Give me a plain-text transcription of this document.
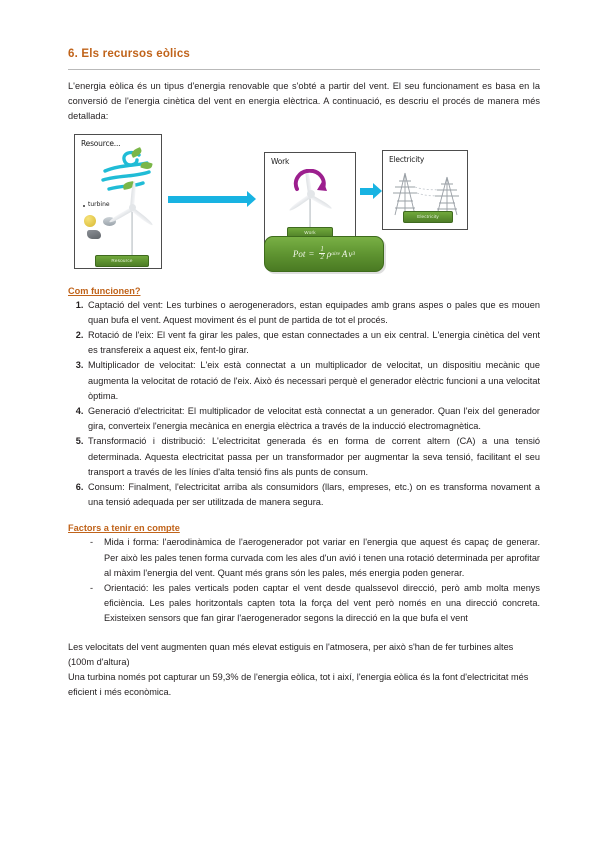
6. Els recursos eòlics

L'energia eòlica és un tipus d'energia renovable que s'obté a partir del vent. El seu funcionament es basa en la conversió de l'energia cinètica del vent en energia elèctrica. A continuació, es descriu el procés de manera més detallada:

Resource...
turbine
Resource
Work
Work
Electricity
Electricity
Pot = $\frac{1}{2}$ ρ aire A v 3
Com funcionen?
1. Captació del vent: Les turbines o aerogeneradors, estan equipades amb grans aspes o pales que es mouen quan bufa el vent. Aquest moviment és el punt de partida de tot el procés.
2. Rotació de l'eix: El vent fa girar les pales, que estan connectades a un eix central. L'energia cinètica del vent es transfereix a aquest eix, fent-lo girar.
3. Multiplicador de velocitat: L'eix està connectat a un multiplicador de velocitat, un dispositiu mecànic que augmenta la velocitat de rotació de l'eix. Això és necessari perquè el generador elèctric funcioni a una velocitat òptima.
4. Generació d'electricitat: El multiplicador de velocitat està connectat a un generador. Quan l'eix del generador gira, converteix l'energia mecànica en energia elèctrica a través de la inducció electromagnètica.
5. Transformació i distribució: L'electricitat generada és en forma de corrent altern (CA) a una tensió determinada. Aquesta electricitat passa per un transformador per augmentar la seva tensió, facilitant el seu transport a través de les línies d'alta tensió fins als punts de consum.
6. Consum: Finalment, l'electricitat arriba als consumidors (llars, empreses, etc.) on es transforma novament a una tensió adequada per ser utilitzada de manera segura.
Factors a tenir en compte
- Mida i forma: l'aerodinàmica de l'aerogenerador pot variar en l'energia que aquest és capaç de generar. Per això les pales tenen forma curvada com les ales d'un avió i tenen una rotació determinada per aprofitar al màxim l'energia del vent. Quant més grans són les pales, més energia poden generar.
- Orientació: les pales verticals poden captar el vent desde qualssevol direcció, però amb molta menys eficiència. Les pales horitzontals capten tota la força del vent però només en una direcció concreta. Existeixen sensors que fan girar l'aerogenerador segons la direcció en la que bufa el vent

Les velocitats del vent augmenten quan més elevat estiguis en l'atmosera, per això s'han de fer turbines altes (100m d'altura)

Una turbina només pot capturar un 59,3% de l'energia eòlica, tot i així, l'energia eòlica és la font d'electricitat més eficient i més econòmica.
